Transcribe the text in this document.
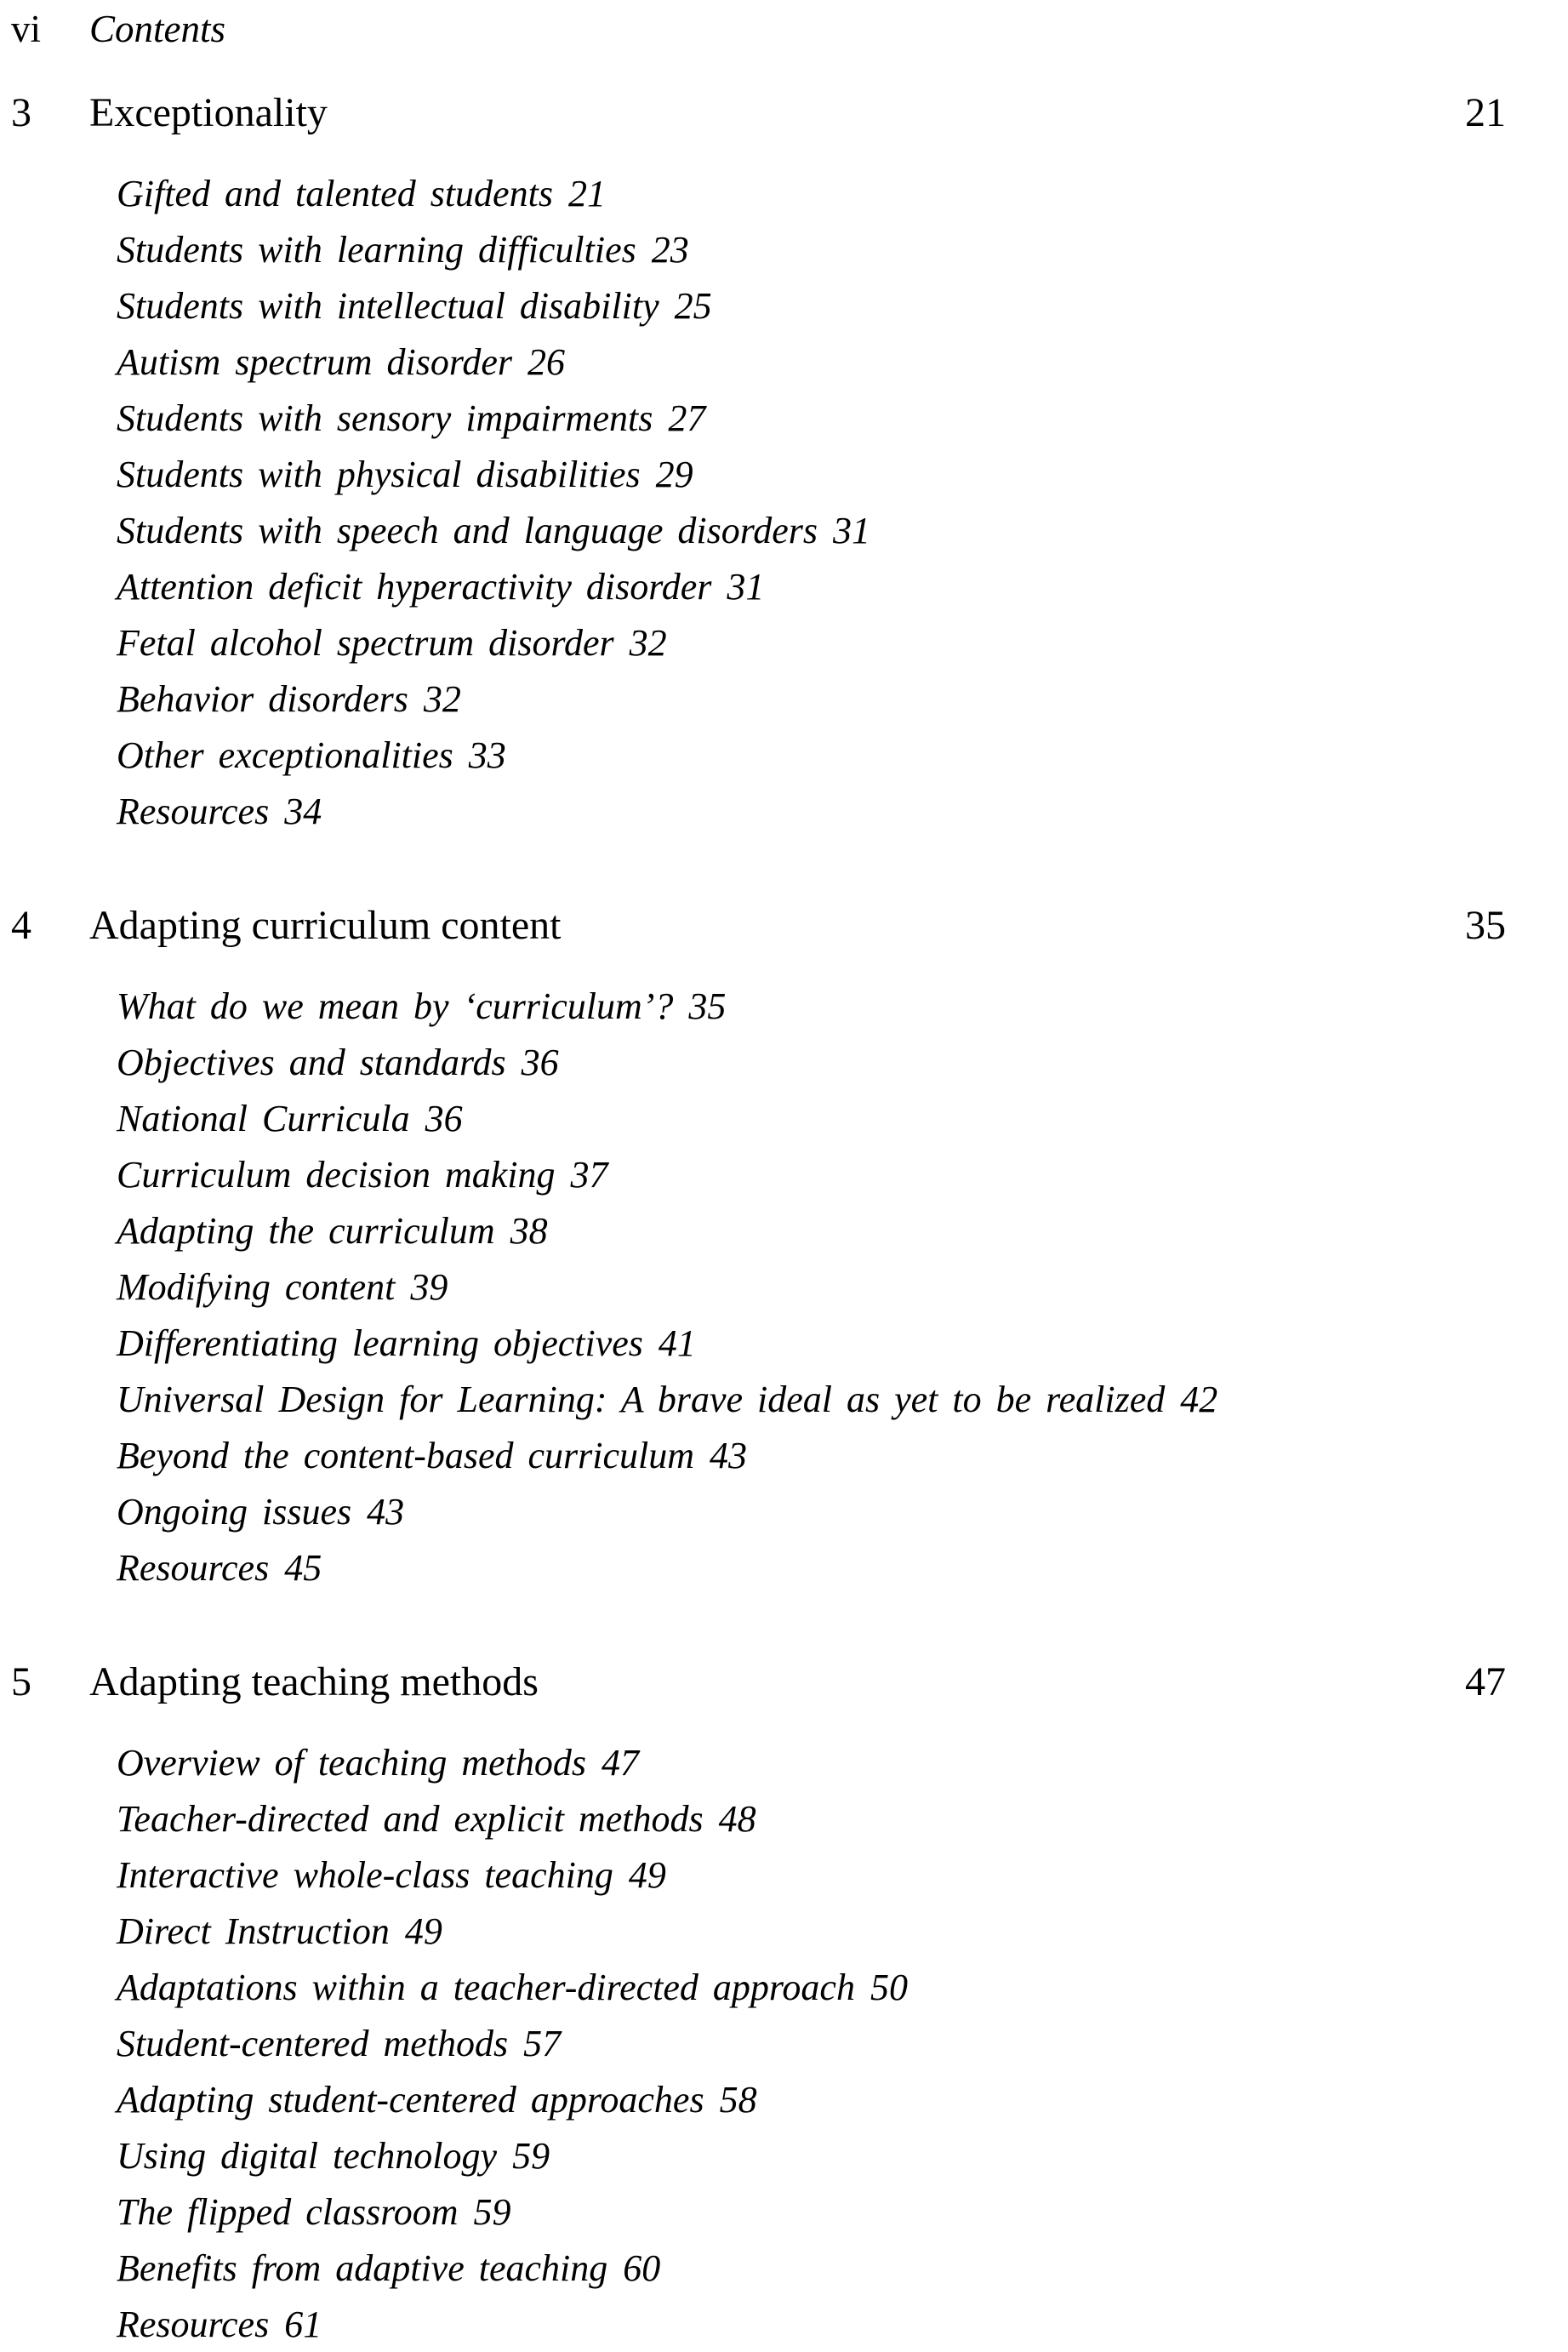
vi	Contents
3	Exceptionality	21
Gifted and talented students 21
Students with learning difficulties 23
Students with intellectual disability 25
Autism spectrum disorder 26
Students with sensory impairments 27
Students with physical disabilities 29
Students with speech and language disorders 31
Attention deficit hyperactivity disorder 31
Fetal alcohol spectrum disorder 32
Behavior disorders 32
Other exceptionalities 33
Resources 34
4	Adapting curriculum content	35
What do we mean by ‘curriculum’? 35
Objectives and standards 36
National Curricula 36
Curriculum decision making 37
Adapting the curriculum 38
Modifying content 39
Differentiating learning objectives 41
Universal Design for Learning: A brave ideal as yet to be realized 42
Beyond the content-based curriculum 43
Ongoing issues 43
Resources 45
5	Adapting teaching methods	47
Overview of teaching methods 47
Teacher-directed and explicit methods 48
Interactive whole-class teaching 49
Direct Instruction 49
Adaptations within a teacher-directed approach 50
Student-centered methods 57
Adapting student-centered approaches 58
Using digital technology 59
The flipped classroom 59
Benefits from adaptive teaching 60
Resources 61
